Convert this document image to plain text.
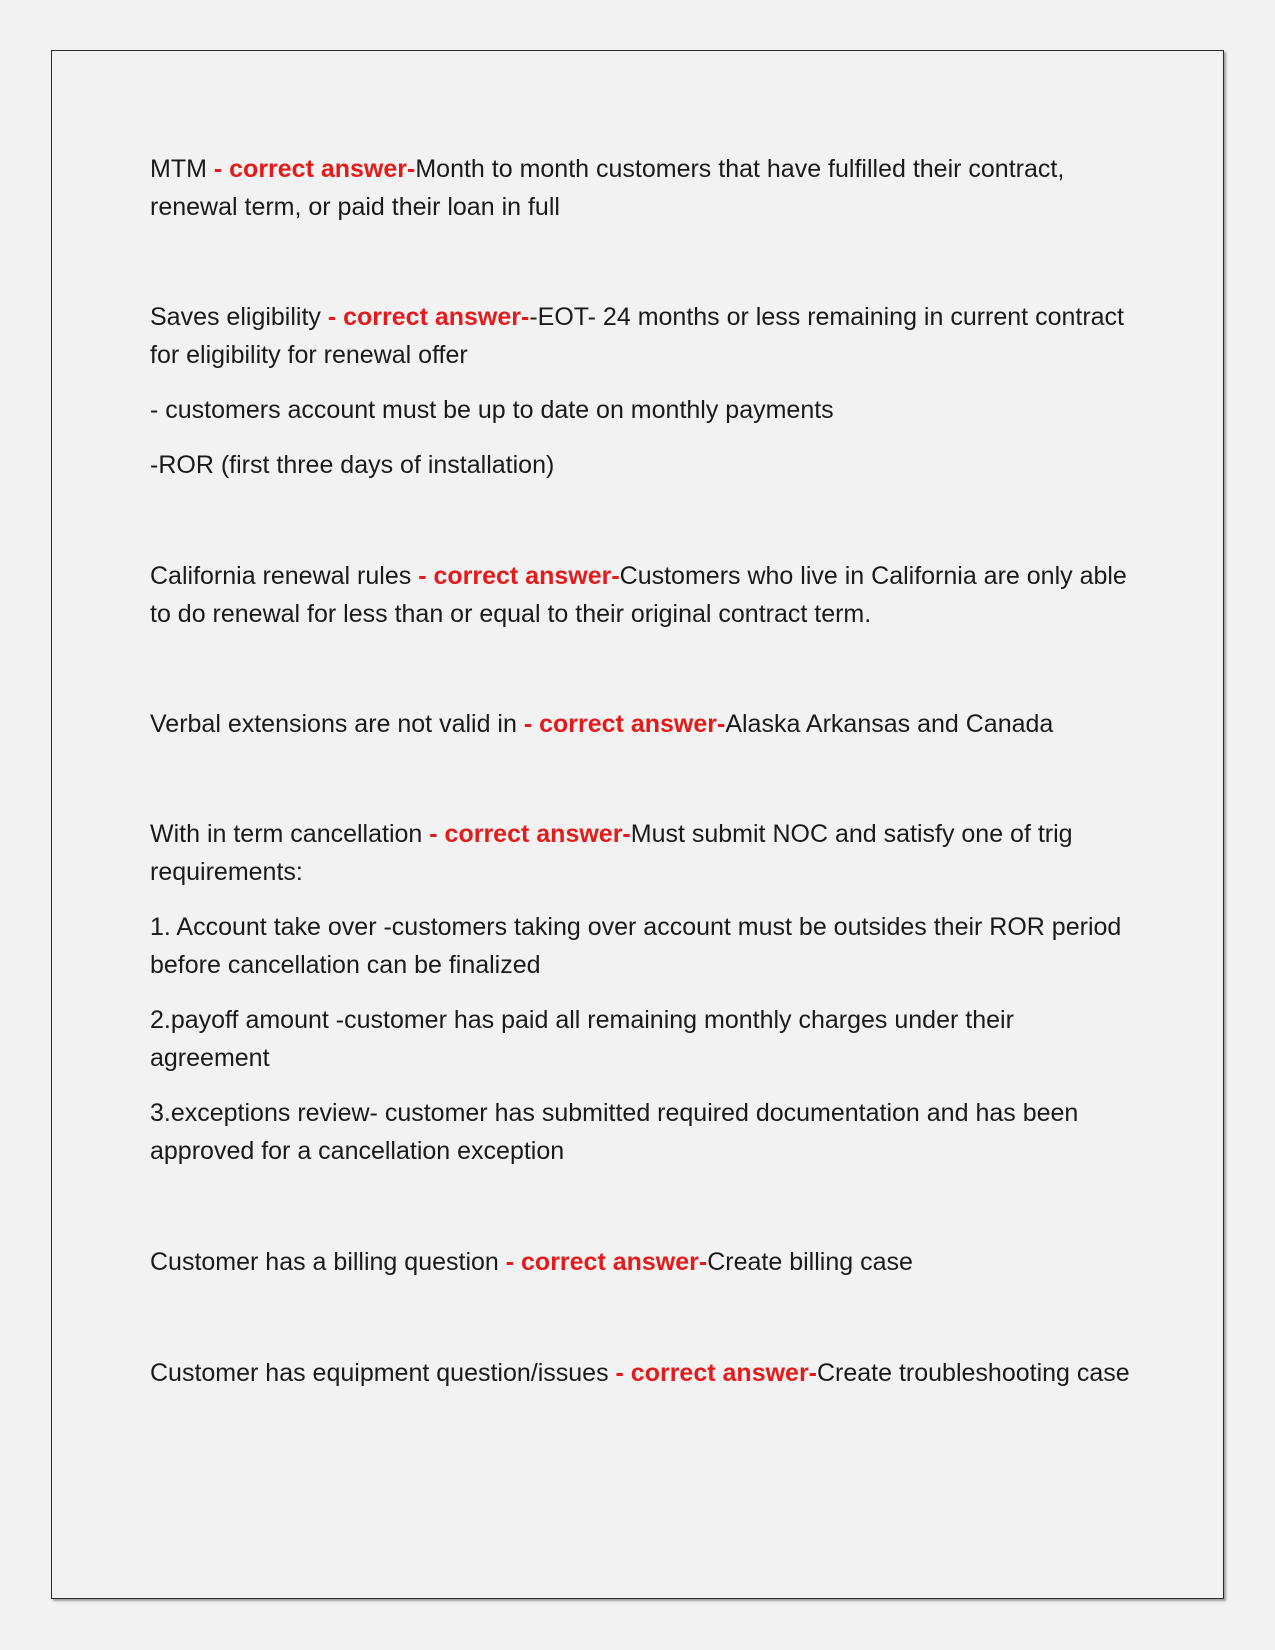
MTM - correct answer-Month to month customers that have fulfilled their contract, renewal term, or paid their loan in full

Saves eligibility - correct answer--EOT- 24 months or less remaining in current contract for eligibility for renewal offer

- customers account must be up to date on monthly payments

-ROR (first three days of installation)

California renewal rules - correct answer-Customers who live in California are only able to do renewal for less than or equal to their original contract term.

Verbal extensions are not valid in - correct answer-Alaska Arkansas and Canada

With in term cancellation - correct answer-Must submit NOC and satisfy one of trig requirements:

1. Account take over -customers taking over account must be outsides their ROR period before cancellation can be finalized

2.payoff amount -customer has paid all remaining monthly charges under their agreement

3.exceptions review- customer has submitted required documentation and has been approved for a cancellation exception

Customer has a billing question - correct answer-Create billing case

Customer has equipment question/issues - correct answer-Create troubleshooting case
